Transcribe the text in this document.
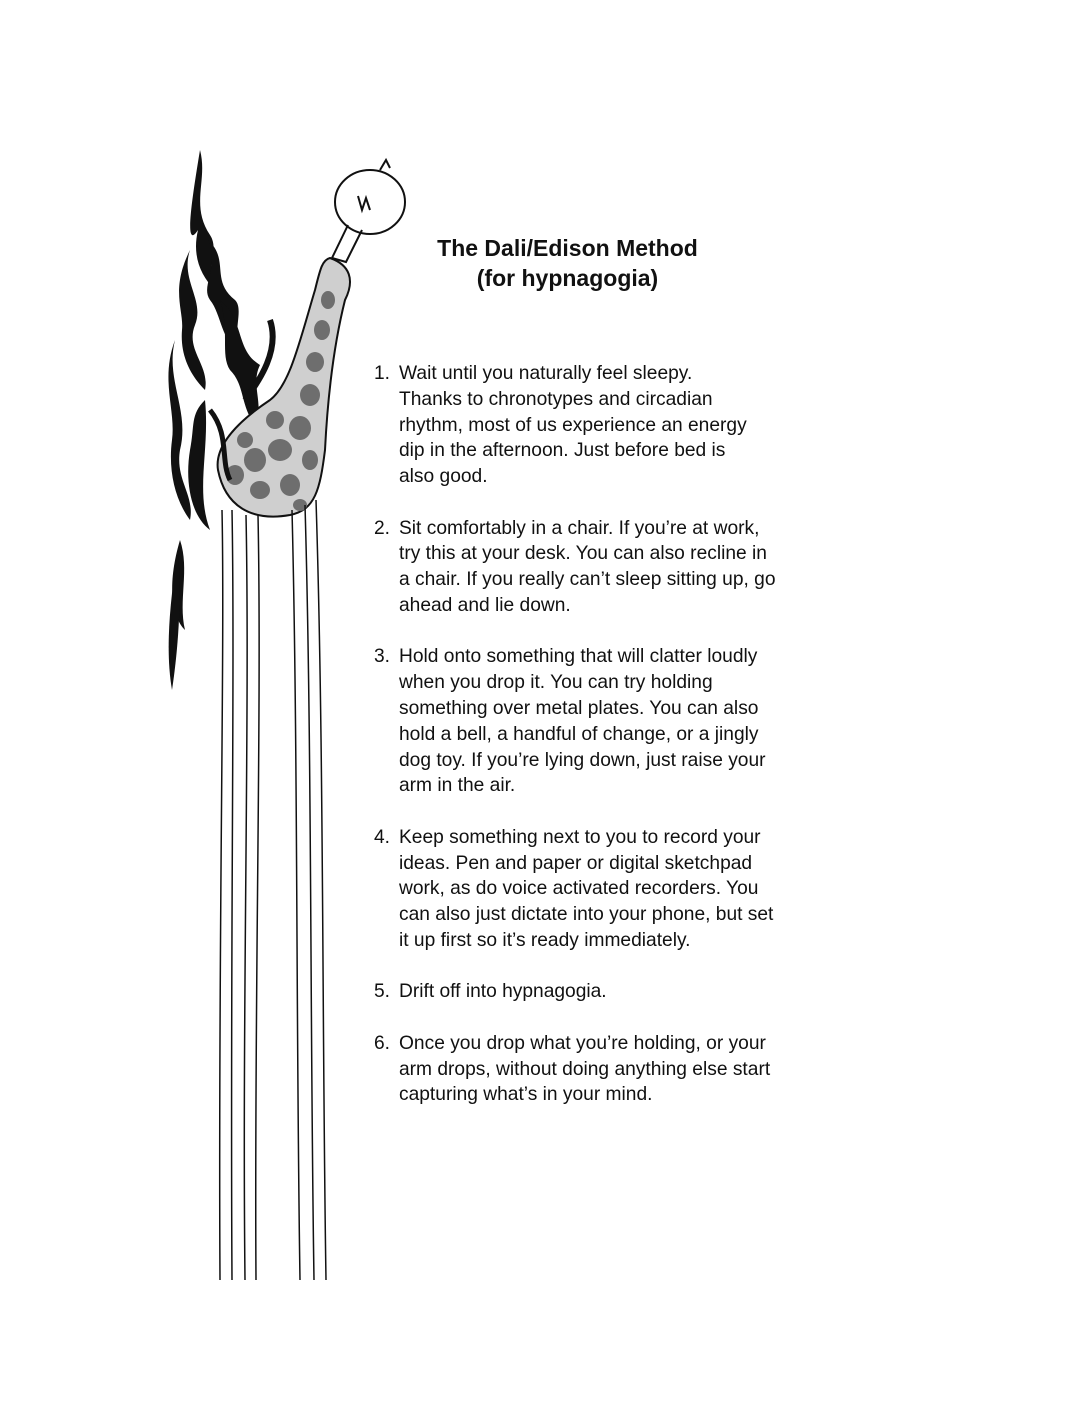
The Dali/Edison Method
(for hypnagogia)
1. Wait until you naturally feel sleepy.
Thanks to chronotypes and circadian
rhythm, most of us experience an energy
dip in the afternoon. Just before bed is
also good.
2. Sit comfortably in a chair. If you’re at work,
try this at your desk. You can also recline in
a chair. If you really can’t sleep sitting up, go
ahead and lie down.
3. Hold onto something that will clatter loudly
when you drop it. You can try holding
something over metal plates. You can also
hold a bell, a handful of change, or a jingly
dog toy. If you’re lying down, just raise your
arm in the air.
4. Keep something next to you to record your
ideas. Pen and paper or digital sketchpad
work, as do voice activated recorders. You
can also just dictate into your phone, but set
it up first so it’s ready immediately.
5. Drift off into hypnagogia.
6. Once you drop what you’re holding, or your
arm drops, without doing anything else start
capturing what’s in your mind.
